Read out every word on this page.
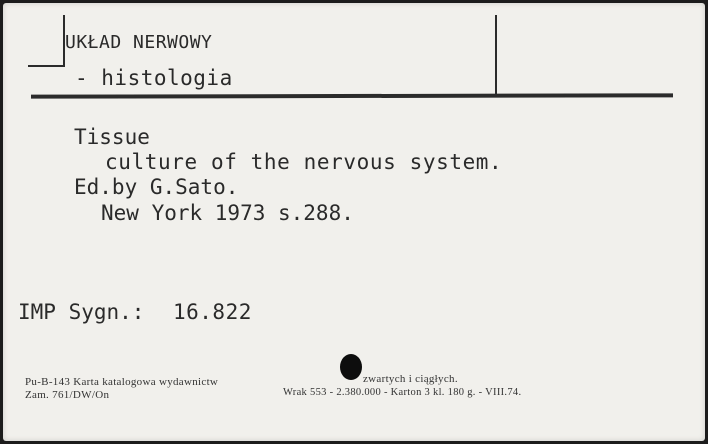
UKŁAD NERWOWY
- histologia
Tissue
culture of the nervous system.
Ed.by G.Sato.
New York 1973 s.288.
IMP Sygn.: 16.822
Pu-B-143 Karta katalogowa wydawnictw	zwartych i ciągłych.
Zam. 761/DW/On	Wrak 553 - 2.380.000 - Karton 3 kl. 180 g. - VIII.74.
